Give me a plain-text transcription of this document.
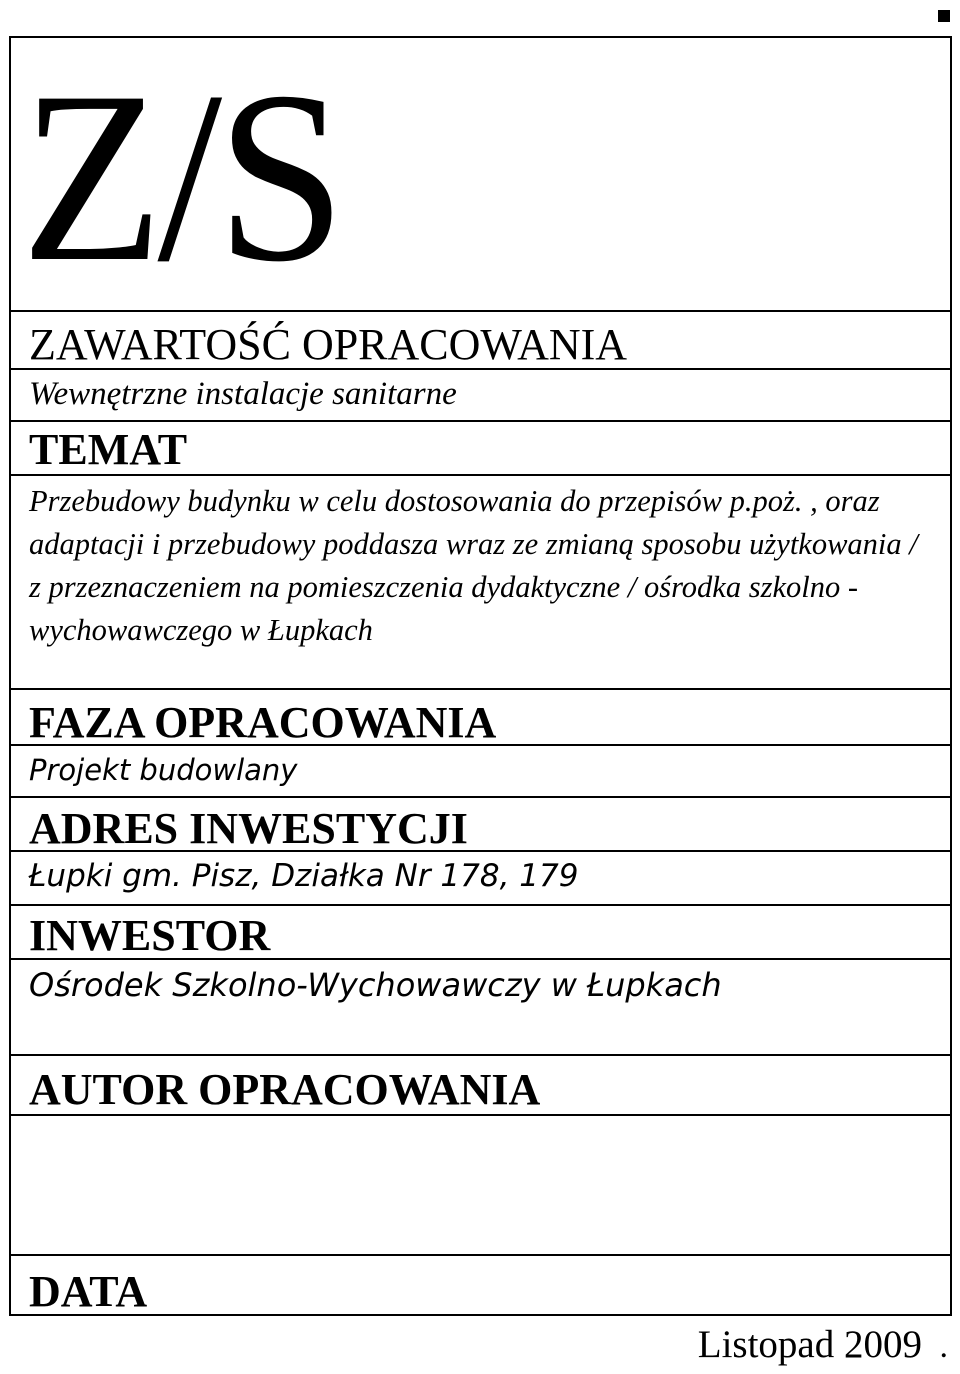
Z/S
ZAWARTOŚĆ OPRACOWANIA
Wewnętrzne instalacje sanitarne
TEMAT
Przebudowy budynku w celu dostosowania do przepisów p.poż. , oraz adaptacji i przebudowy poddasza wraz ze zmianą sposobu użytkowania / z przeznaczeniem na pomieszczenia dydaktyczne / ośrodka szkolno - wychowawczego w Łupkach
FAZA OPRACOWANIA
Projekt budowlany
ADRES INWESTYCJI
Łupki gm. Pisz, Działka Nr 178, 179
INWESTOR
Ośrodek Szkolno-Wychowawczy w Łupkach
AUTOR OPRACOWANIA
DATA
Listopad 2009 .
